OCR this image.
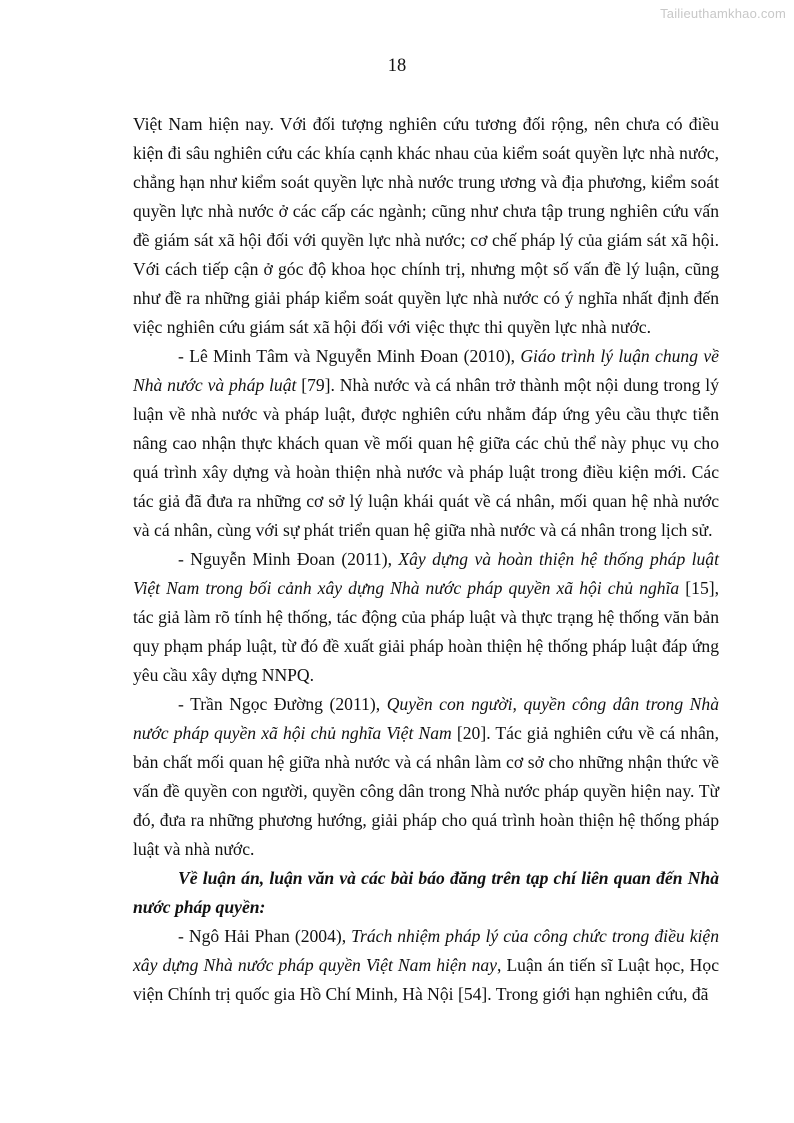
Tailieuthamkhao.com
18

Việt Nam hiện nay. Với đối tượng nghiên cứu tương đối rộng, nên chưa có điều kiện đi sâu nghiên cứu các khía cạnh khác nhau của kiểm soát quyền lực nhà nước, chẳng hạn như kiểm soát quyền lực nhà nước trung ương và địa phương, kiểm soát quyền lực nhà nước ở các cấp các ngành; cũng như chưa tập trung nghiên cứu vấn đề giám sát xã hội đối với quyền lực nhà nước; cơ chế pháp lý của giám sát xã hội. Với cách tiếp cận ở góc độ khoa học chính trị, nhưng một số vấn đề lý luận, cũng như đề ra những giải pháp kiểm soát quyền lực nhà nước có ý nghĩa nhất định đến việc nghiên cứu giám sát xã hội đối với việc thực thi quyền lực nhà nước.

- Lê Minh Tâm và Nguyễn Minh Đoan (2010), Giáo trình lý luận chung về Nhà nước và pháp luật [79]. Nhà nước và cá nhân trở thành một nội dung trong lý luận về nhà nước và pháp luật, được nghiên cứu nhằm đáp ứng yêu cầu thực tiễn nâng cao nhận thực khách quan về mối quan hệ giữa các chủ thể này phục vụ cho quá trình xây dựng và hoàn thiện nhà nước và pháp luật trong điều kiện mới. Các tác giả đã đưa ra những cơ sở lý luận khái quát về cá nhân, mối quan hệ nhà nước và cá nhân, cùng với sự phát triển quan hệ giữa nhà nước và cá nhân trong lịch sử.

- Nguyễn Minh Đoan (2011), Xây dựng và hoàn thiện hệ thống pháp luật Việt Nam trong bối cảnh xây dựng Nhà nước pháp quyền xã hội chủ nghĩa [15], tác giả làm rõ tính hệ thống, tác động của pháp luật và thực trạng hệ thống văn bản quy phạm pháp luật, từ đó đề xuất giải pháp hoàn thiện hệ thống pháp luật đáp ứng yêu cầu xây dựng NNPQ.

- Trần Ngọc Đường (2011), Quyền con người, quyền công dân trong Nhà nước pháp quyền xã hội chủ nghĩa Việt Nam [20]. Tác giả nghiên cứu về cá nhân, bản chất mối quan hệ giữa nhà nước và cá nhân làm cơ sở cho những nhận thức về vấn đề quyền con người, quyền công dân trong Nhà nước pháp quyền hiện nay. Từ đó, đưa ra những phương hướng, giải pháp cho quá trình hoàn thiện hệ thống pháp luật và nhà nước.

Về luận án, luận văn và các bài báo đăng trên tạp chí liên quan đến Nhà nước pháp quyền:

- Ngô Hải Phan (2004), Trách nhiệm pháp lý của công chức trong điều kiện xây dựng Nhà nước pháp quyền Việt Nam hiện nay, Luận án tiến sĩ Luật học, Học viện Chính trị quốc gia Hồ Chí Minh, Hà Nội [54]. Trong giới hạn nghiên cứu, đã
